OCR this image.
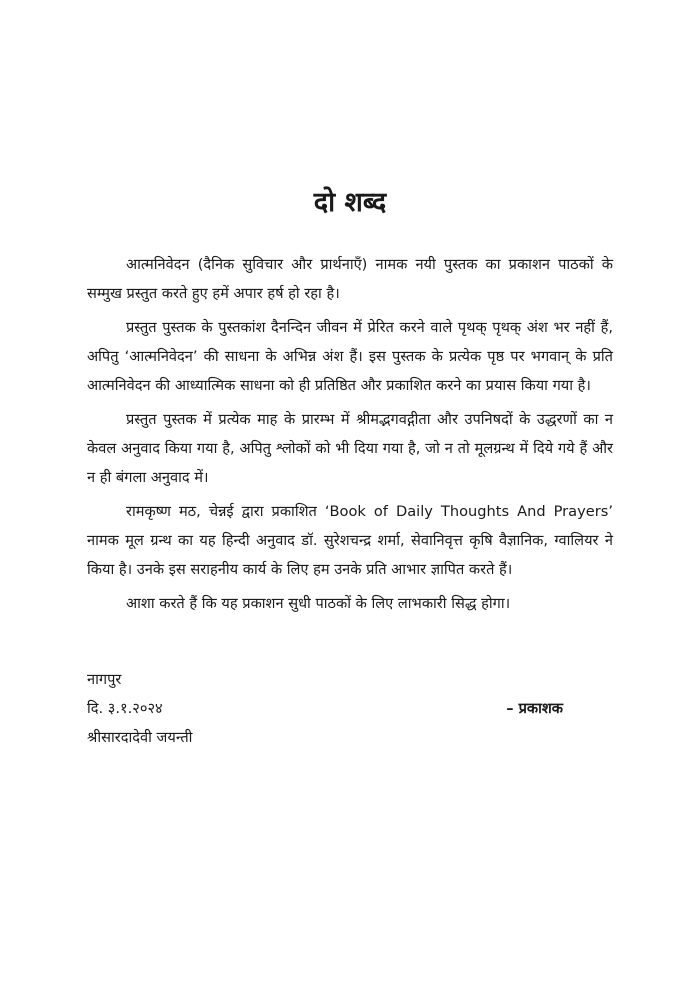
दो शब्द

आत्मनिवेदन (दैनिक सुविचार और प्रार्थनाएँ) नामक नयी पुस्तक का प्रकाशन पाठकों के सम्मुख प्रस्तुत करते हुए हमें अपार हर्ष हो रहा है।

प्रस्तुत पुस्तक के पुस्तकांश दैनन्दिन जीवन में प्रेरित करने वाले पृथक् पृथक् अंश भर नहीं हैं, अपितु ‘आत्मनिवेदन’ की साधना के अभिन्न अंश हैं। इस पुस्तक के प्रत्येक पृष्ठ पर भगवान् के प्रति आत्मनिवेदन की आध्यात्मिक साधना को ही प्रतिष्ठित और प्रकाशित करने का प्रयास किया गया है।

प्रस्तुत पुस्तक में प्रत्येक माह के प्रारम्भ में श्रीमद्भगवद्गीता और उपनिषदों के उद्धरणों का न केवल अनुवाद किया गया है, अपितु श्लोकों को भी दिया गया है, जो न तो मूलग्रन्थ में दिये गये हैं और न ही बंगला अनुवाद में।

रामकृष्ण मठ, चेन्नई द्वारा प्रकाशित ‘Book of Daily Thoughts And Prayers’ नामक मूल ग्रन्थ का यह हिन्दी अनुवाद डॉ. सुरेशचन्द्र शर्मा, सेवानिवृत्त कृषि वैज्ञानिक, ग्वालियर ने किया है। उनके इस सराहनीय कार्य के लिए हम उनके प्रति आभार ज्ञापित करते हैं।

आशा करते हैं कि यह प्रकाशन सुधी पाठकों के लिए लाभकारी सिद्ध होगा।

नागपुर
दि. ३.१.२०२४	– प्रकाशक
श्रीसारदादेवी जयन्ती
